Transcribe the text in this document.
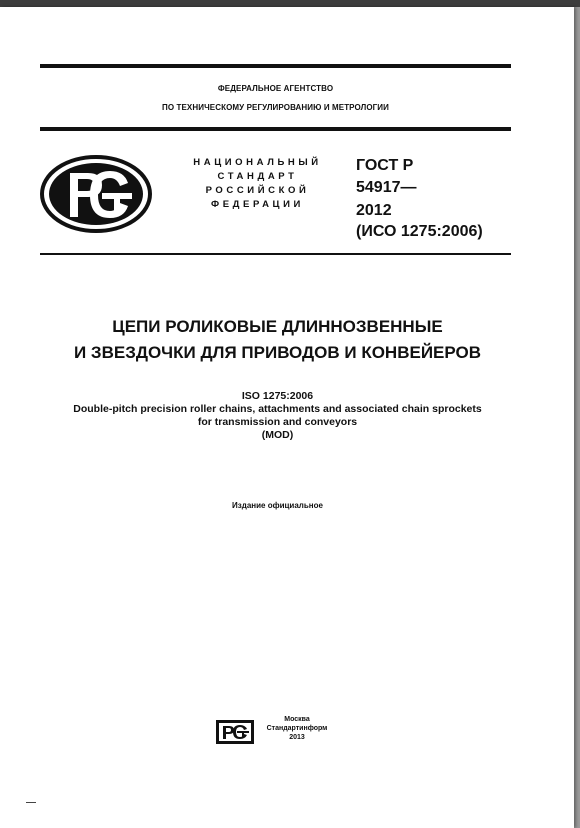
ФЕДЕРАЛЬНОЕ АГЕНТСТВО
ПО ТЕХНИЧЕСКОМУ РЕГУЛИРОВАНИЮ И МЕТРОЛОГИИ
НАЦИОНАЛЬНЫЙ
СТАНДАРТ
РОССИЙСКОЙ
ФЕДЕРАЦИИ
ГОСТ Р
54917—
2012
(ИСО 1275:2006)
ЦЕПИ РОЛИКОВЫЕ ДЛИННОЗВЕННЫЕ
И ЗВЕЗДОЧКИ ДЛЯ ПРИВОДОВ И КОНВЕЙЕРОВ
ISO 1275:2006
Double-pitch precision roller chains, attachments and associated chain sprockets
for transmission and conveyors
(MOD)
Издание официальное
Москва
Стандартинформ
2013
